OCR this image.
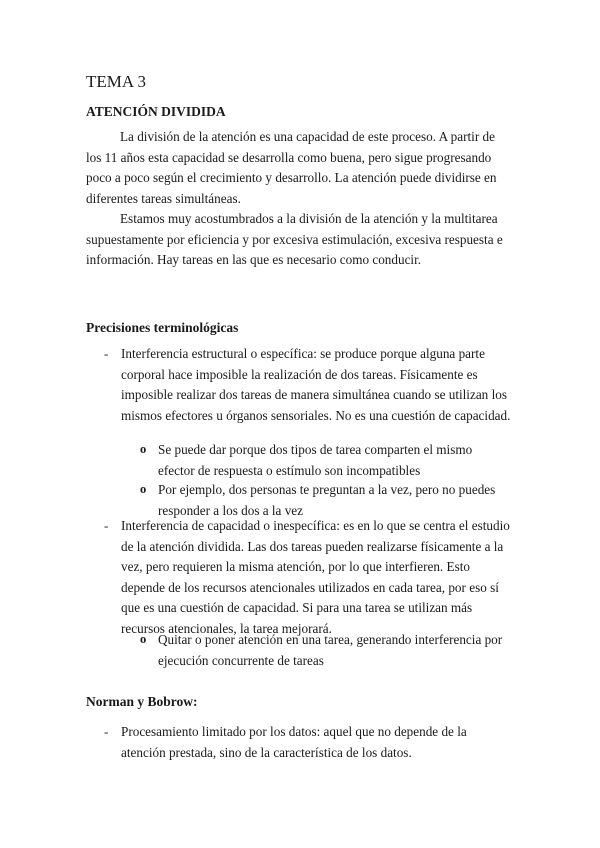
TEMA 3
ATENCIÓN DIVIDIDA
La división de la atención es una capacidad de este proceso. A partir de los 11 años esta capacidad se desarrolla como buena, pero sigue progresando poco a poco según el crecimiento y desarrollo. La atención puede dividirse en diferentes tareas simultáneas.
Estamos muy acostumbrados a la división de la atención y la multitarea supuestamente por eficiencia y por excesiva estimulación, excesiva respuesta e información. Hay tareas en las que es necesario como conducir.
Precisiones terminológicas
- Interferencia estructural o específica: se produce porque alguna parte corporal hace imposible la realización de dos tareas. Físicamente es imposible realizar dos tareas de manera simultánea cuando se utilizan los mismos efectores u órganos sensoriales. No es una cuestión de capacidad.
o Se puede dar porque dos tipos de tarea comparten el mismo efector de respuesta o estímulo son incompatibles
o Por ejemplo, dos personas te preguntan a la vez, pero no puedes responder a los dos a la vez
- Interferencia de capacidad o inespecífica: es en lo que se centra el estudio de la atención dividida. Las dos tareas pueden realizarse físicamente a la vez, pero requieren la misma atención, por lo que interfieren. Esto depende de los recursos atencionales utilizados en cada tarea, por eso sí que es una cuestión de capacidad. Si para una tarea se utilizan más recursos atencionales, la tarea mejorará.
o Quitar o poner atención en una tarea, generando interferencia por ejecución concurrente de tareas
Norman y Bobrow:
- Procesamiento limitado por los datos: aquel que no depende de la atención prestada, sino de la característica de los datos.
